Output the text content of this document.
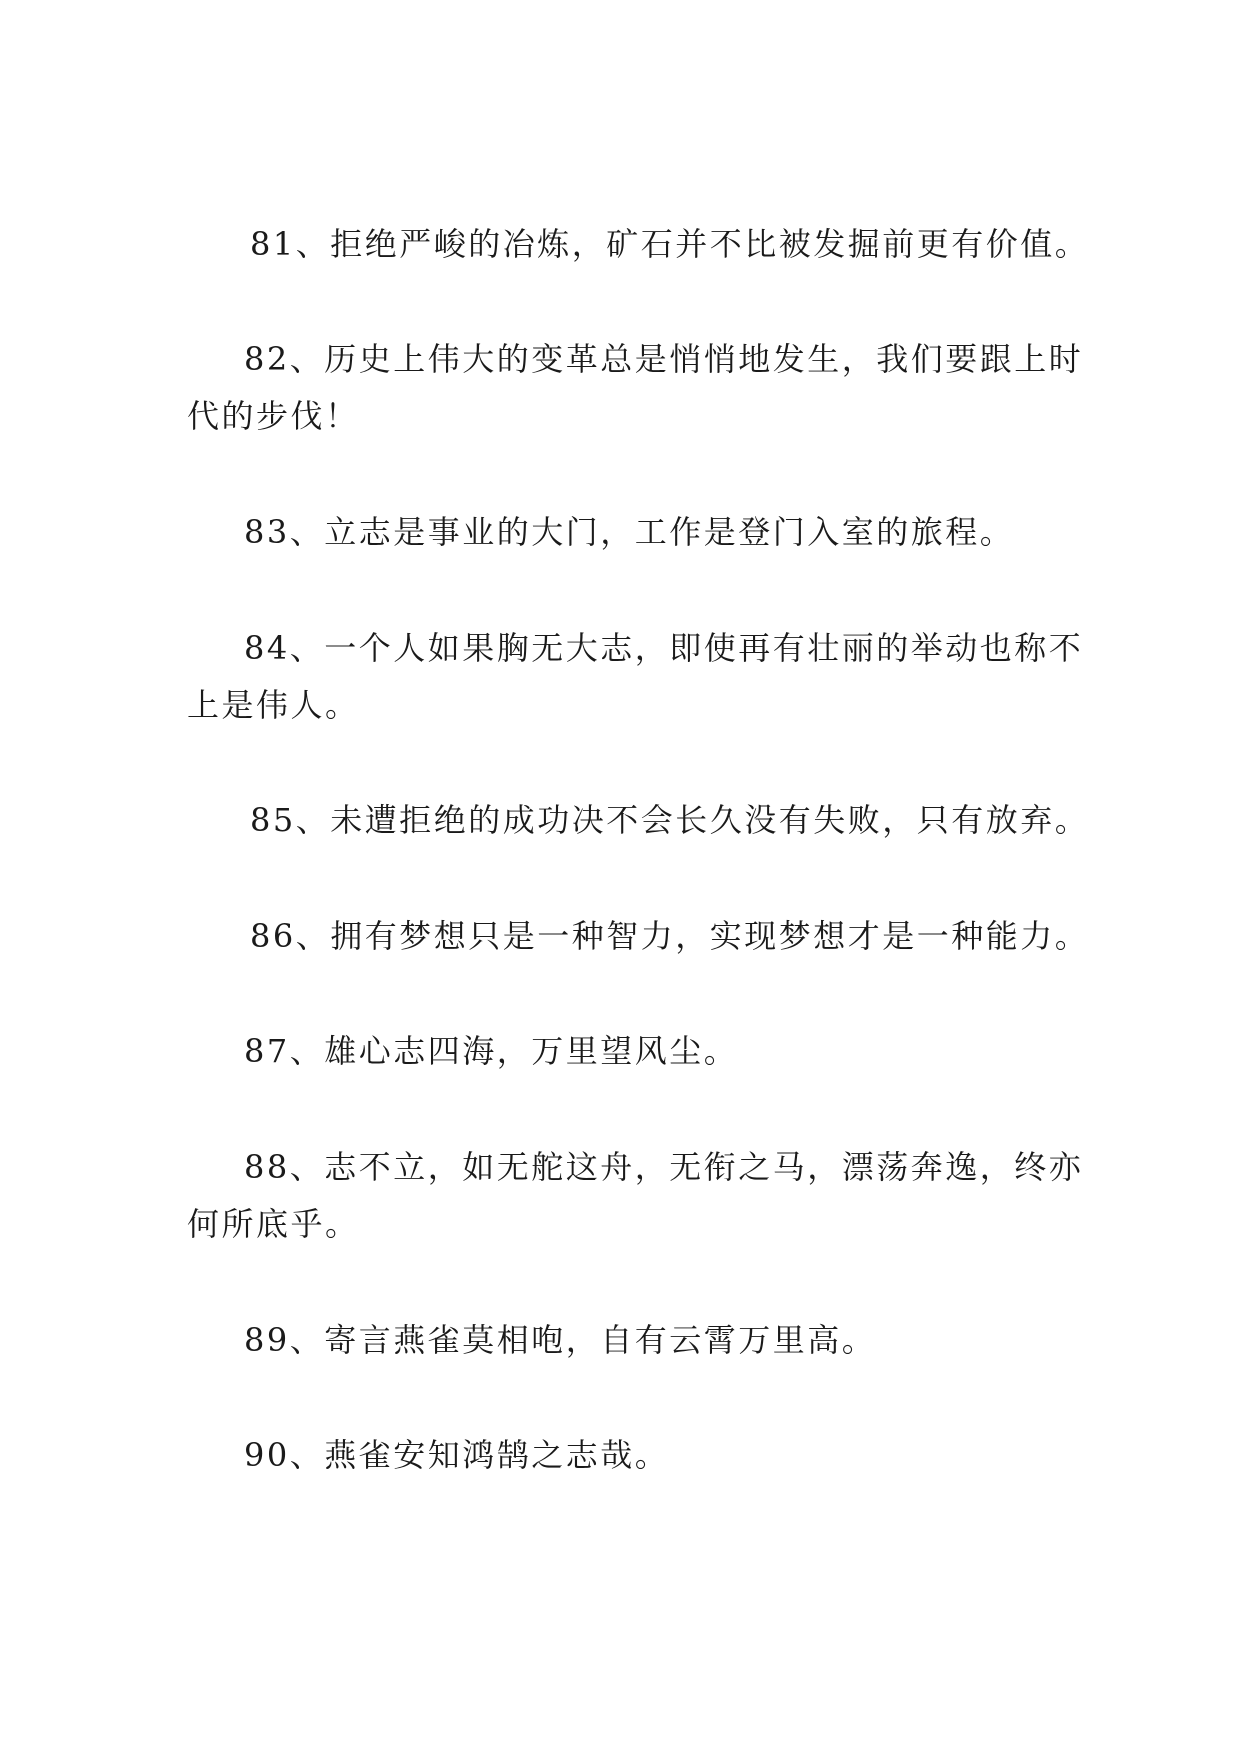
81、拒绝严峻的冶炼，矿石并不比被发掘前更有价值。
82、历史上伟大的变革总是悄悄地发生，我们要跟上时
代的步伐！
83、立志是事业的大门，工作是登门入室的旅程。
84、一个人如果胸无大志，即使再有壮丽的举动也称不
上是伟人。
85、未遭拒绝的成功决不会长久没有失败，只有放弃。
86、拥有梦想只是一种智力，实现梦想才是一种能力。
87、雄心志四海，万里望风尘。
88、志不立，如无舵这舟，无衔之马，漂荡奔逸，终亦
何所底乎。
89、寄言燕雀莫相咆，自有云霄万里高。
90、燕雀安知鸿鹄之志哉。
